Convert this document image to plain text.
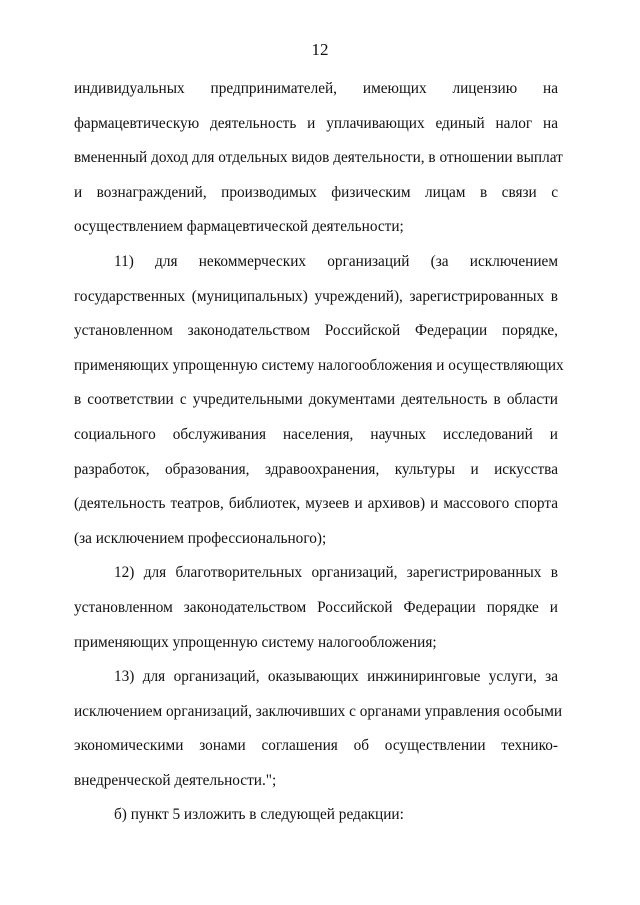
12
индивидуальных предпринимателей, имеющих лицензию на
фармацевтическую деятельность и уплачивающих единый налог на
вмененный доход для отдельных видов деятельности, в отношении выплат
и вознаграждений, производимых физическим лицам в связи с
осуществлением фармацевтической деятельности;
11) для некоммерческих организаций (за исключением
государственных (муниципальных) учреждений), зарегистрированных в
установленном законодательством Российской Федерации порядке,
применяющих упрощенную систему налогообложения и осуществляющих
в соответствии с учредительными документами деятельность в области
социального обслуживания населения, научных исследований и
разработок, образования, здравоохранения, культуры и искусства
(деятельность театров, библиотек, музеев и архивов) и массового спорта
(за исключением профессионального);
12) для благотворительных организаций, зарегистрированных в
установленном законодательством Российской Федерации порядке и
применяющих упрощенную систему налогообложения;
13) для организаций, оказывающих инжиниринговые услуги, за
исключением организаций, заключивших с органами управления особыми
экономическими зонами соглашения об осуществлении технико-
внедренческой деятельности.";
б) пункт 5 изложить в следующей редакции:
